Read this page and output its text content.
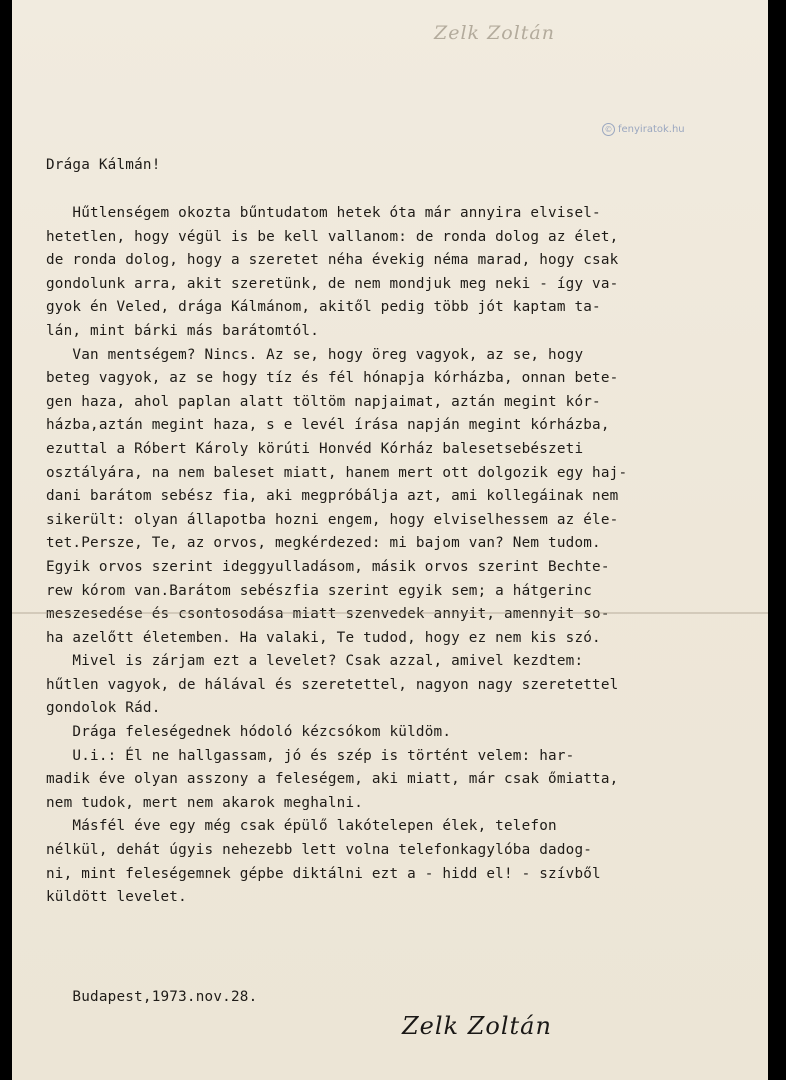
Zelk Zoltán
© fenyiratok.hu
Drága Kálmán!
Hűtlenségem okozta bűntudatom hetek óta már annyira elvisel-
hetetlen, hogy végül is be kell vallanom: de ronda dolog az élet,
de ronda dolog, hogy a szeretet néha évekig néma marad, hogy csak
gondolunk arra, akit szeretünk, de nem mondjuk meg neki - így va-
gyok én Veled, drága Kálmánom, akitől pedig több jót kaptam ta-
lán, mint bárki más barátomtól.
Van mentségem? Nincs. Az se, hogy öreg vagyok, az se, hogy
beteg vagyok, az se hogy tíz és fél hónapja kórházba, onnan bete-
gen haza, ahol paplan alatt töltöm napjaimat, aztán megint kór-
házba,aztán megint haza, s e levél írása napján megint kórházba,
ezuttal a Róbert Károly körúti Honvéd Kórház balesetsebészeti
osztályára, na nem baleset miatt, hanem mert ott dolgozik egy haj-
dani barátom sebész fia, aki megpróbálja azt, ami kollegáinak nem
sikerült: olyan állapotba hozni engem, hogy elviselhessem az éle-
tet.Persze, Te, az orvos, megkérdezed: mi bajom van? Nem tudom.
Egyik orvos szerint ideggyulladásom, másik orvos szerint Bechte-
rew kórom van.Barátom sebészfia szerint egyik sem; a hátgerinc
meszesedése és csontosodása miatt szenvedek annyit, amennyit so-
ha azelőtt életemben. Ha valaki, Te tudod, hogy ez nem kis szó.
Mivel is zárjam ezt a levelet? Csak azzal, amivel kezdtem:
hűtlen vagyok, de hálával és szeretettel, nagyon nagy szeretettel
gondolok Rád.
Drága feleségednek hódoló kézcsókom küldöm.
U.i.: Él ne hallgassam, jó és szép is történt velem: har-
madik éve olyan asszony a feleségem, aki miatt, már csak őmiatta,
nem tudok, mert nem akarok meghalni.
Másfél éve egy még csak épülő lakótelepen élek, telefon
nélkül, dehát úgyis nehezebb lett volna telefonkagylóba dadog-
ni, mint feleségemnek gépbe diktálni ezt a - hidd el! - szívből
küldött levelet.
Budapest,1973.nov.28.
Zelk Zoltán
